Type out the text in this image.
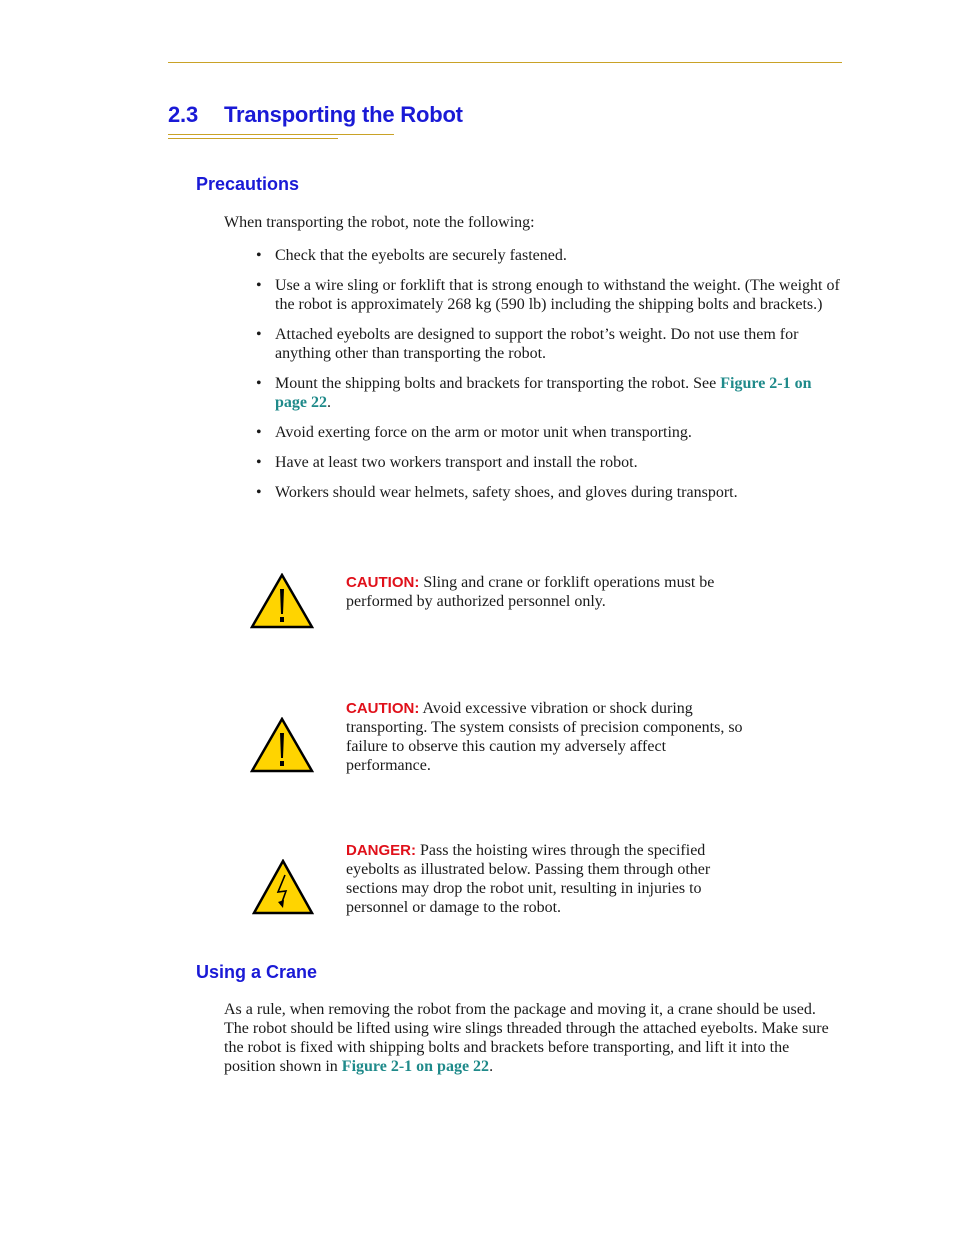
2.3 Transporting the Robot
Precautions

When transporting the robot, note the following:

• Check that the eyebolts are securely fastened.
• Use a wire sling or forklift that is strong enough to withstand the weight. (The weight of the robot is approximately 268 kg (590 lb) including the shipping bolts and brackets.)
• Attached eyebolts are designed to support the robot’s weight. Do not use them for anything other than transporting the robot.
• Mount the shipping bolts and brackets for transporting the robot. See Figure 2-1 on page 22.
• Avoid exerting force on the arm or motor unit when transporting.
• Have at least two workers transport and install the robot.
• Workers should wear helmets, safety shoes, and gloves during transport.
CAUTION: Sling and crane or forklift operations must be performed by authorized personnel only.
CAUTION: Avoid excessive vibration or shock during transporting. The system consists of precision components, so failure to observe this caution my adversely affect performance.
DANGER: Pass the hoisting wires through the specified eyebolts as illustrated below. Passing them through other sections may drop the robot unit, resulting in injuries to personnel or damage to the robot.
Using a Crane

As a rule, when removing the robot from the package and moving it, a crane should be used. The robot should be lifted using wire slings threaded through the attached eyebolts. Make sure the robot is fixed with shipping bolts and brackets before transporting, and lift it into the position shown in Figure 2-1 on page 22.
